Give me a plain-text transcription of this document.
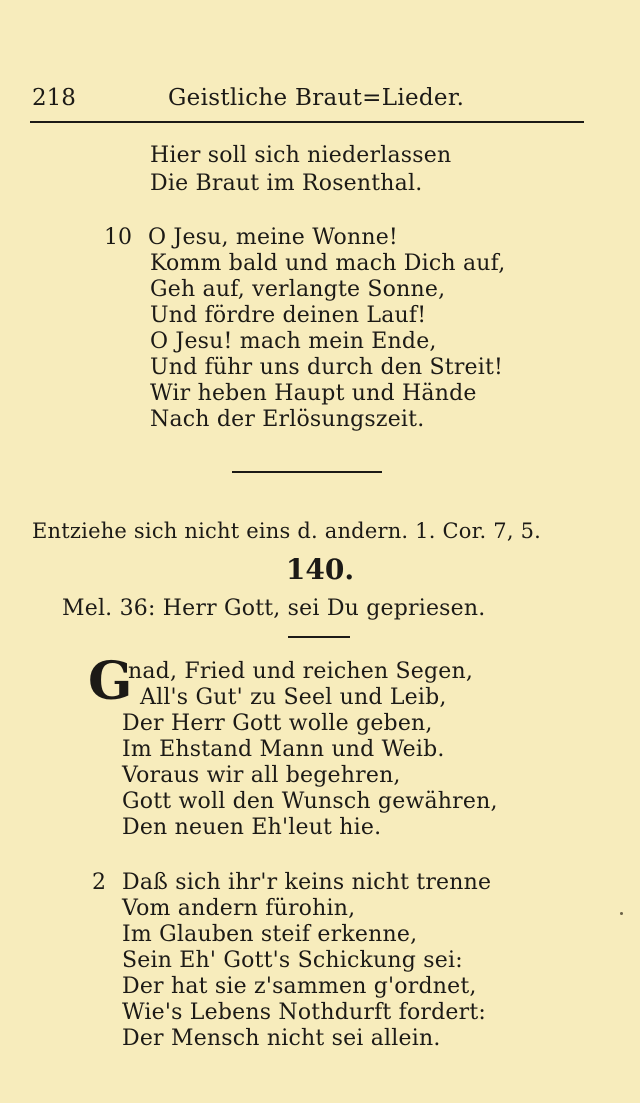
218	Geistliche Braut=Lieder.
Hier soll sich niederlassen
Die Braut im Rosenthal.
10 O Jesu, meine Wonne!
Komm bald und mach Dich auf,
Geh auf, verlangte Sonne,
Und fördre deinen Lauf!
O Jesu! mach mein Ende,
Und führ uns durch den Streit!
Wir heben Haupt und Hände
Nach der Erlösungszeit.
Entziehe sich nicht eins d. andern. 1. Cor. 7, 5.
140.
Mel. 36: Herr Gott, sei Du gepriesen.
G
nad, Fried und reichen Segen,
All's Gut' zu Seel und Leib,
Der Herr Gott wolle geben,
Im Ehstand Mann und Weib.
Voraus wir all begehren,
Gott woll den Wunsch gewähren,
Den neuen Eh'leut hie.
2 Daß sich ihr'r keins nicht trenne
Vom andern fürohin,
Im Glauben steif erkenne,
Sein Eh' Gott's Schickung sei:
Der hat sie z'sammen g'ordnet,
Wie's Lebens Nothdurft fordert:
Der Mensch nicht sei allein.
